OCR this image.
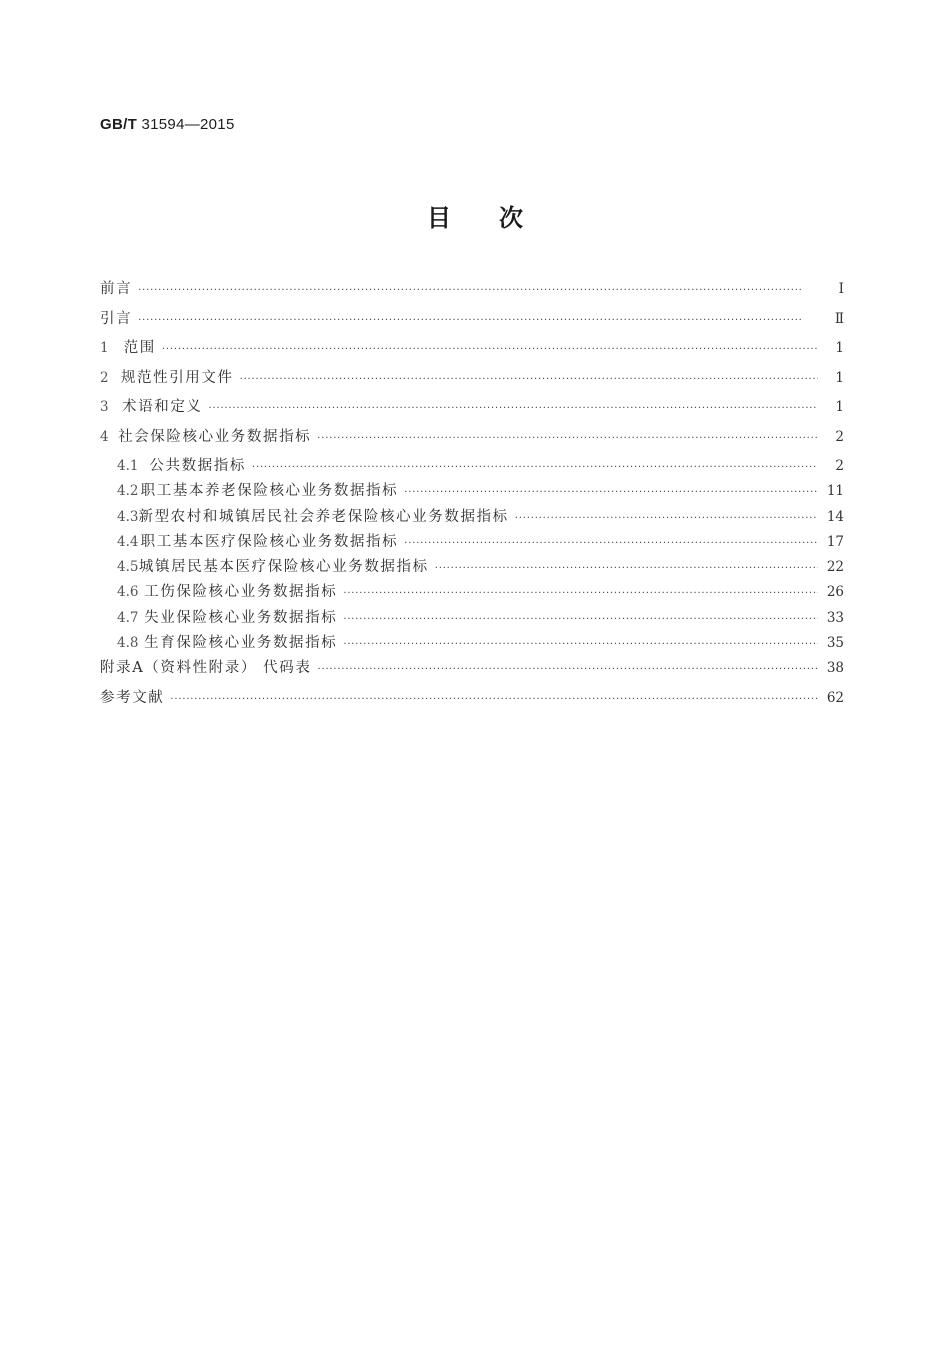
GB/T 31594—2015
目次
前言 ·····	Ⅰ
引言 ·····	Ⅱ
1	范围 ·····	1
2 规范性引用文件 ·····	1
3 术语和定义 ·····	1
4 社会保险核心业务数据指标 ·····	2
4.1 公共数据指标 ·····	2
4.2 职工基本养老保险核心业务数据指标 ·····	11
4.3 新型农村和城镇居民社会养老保险核心业务数据指标 ·····	14
4.4 职工基本医疗保险核心业务数据指标 ·····	17
4.5 城镇居民基本医疗保险核心业务数据指标 ·····	22
4.6 工伤保险核心业务数据指标 ·····	26
4.7 失业保险核心业务数据指标 ·····	33
4.8 生育保险核心业务数据指标 ·····	35
附录A（资料性附录） 代码表 ·····	38
参考文献 ·····	62
